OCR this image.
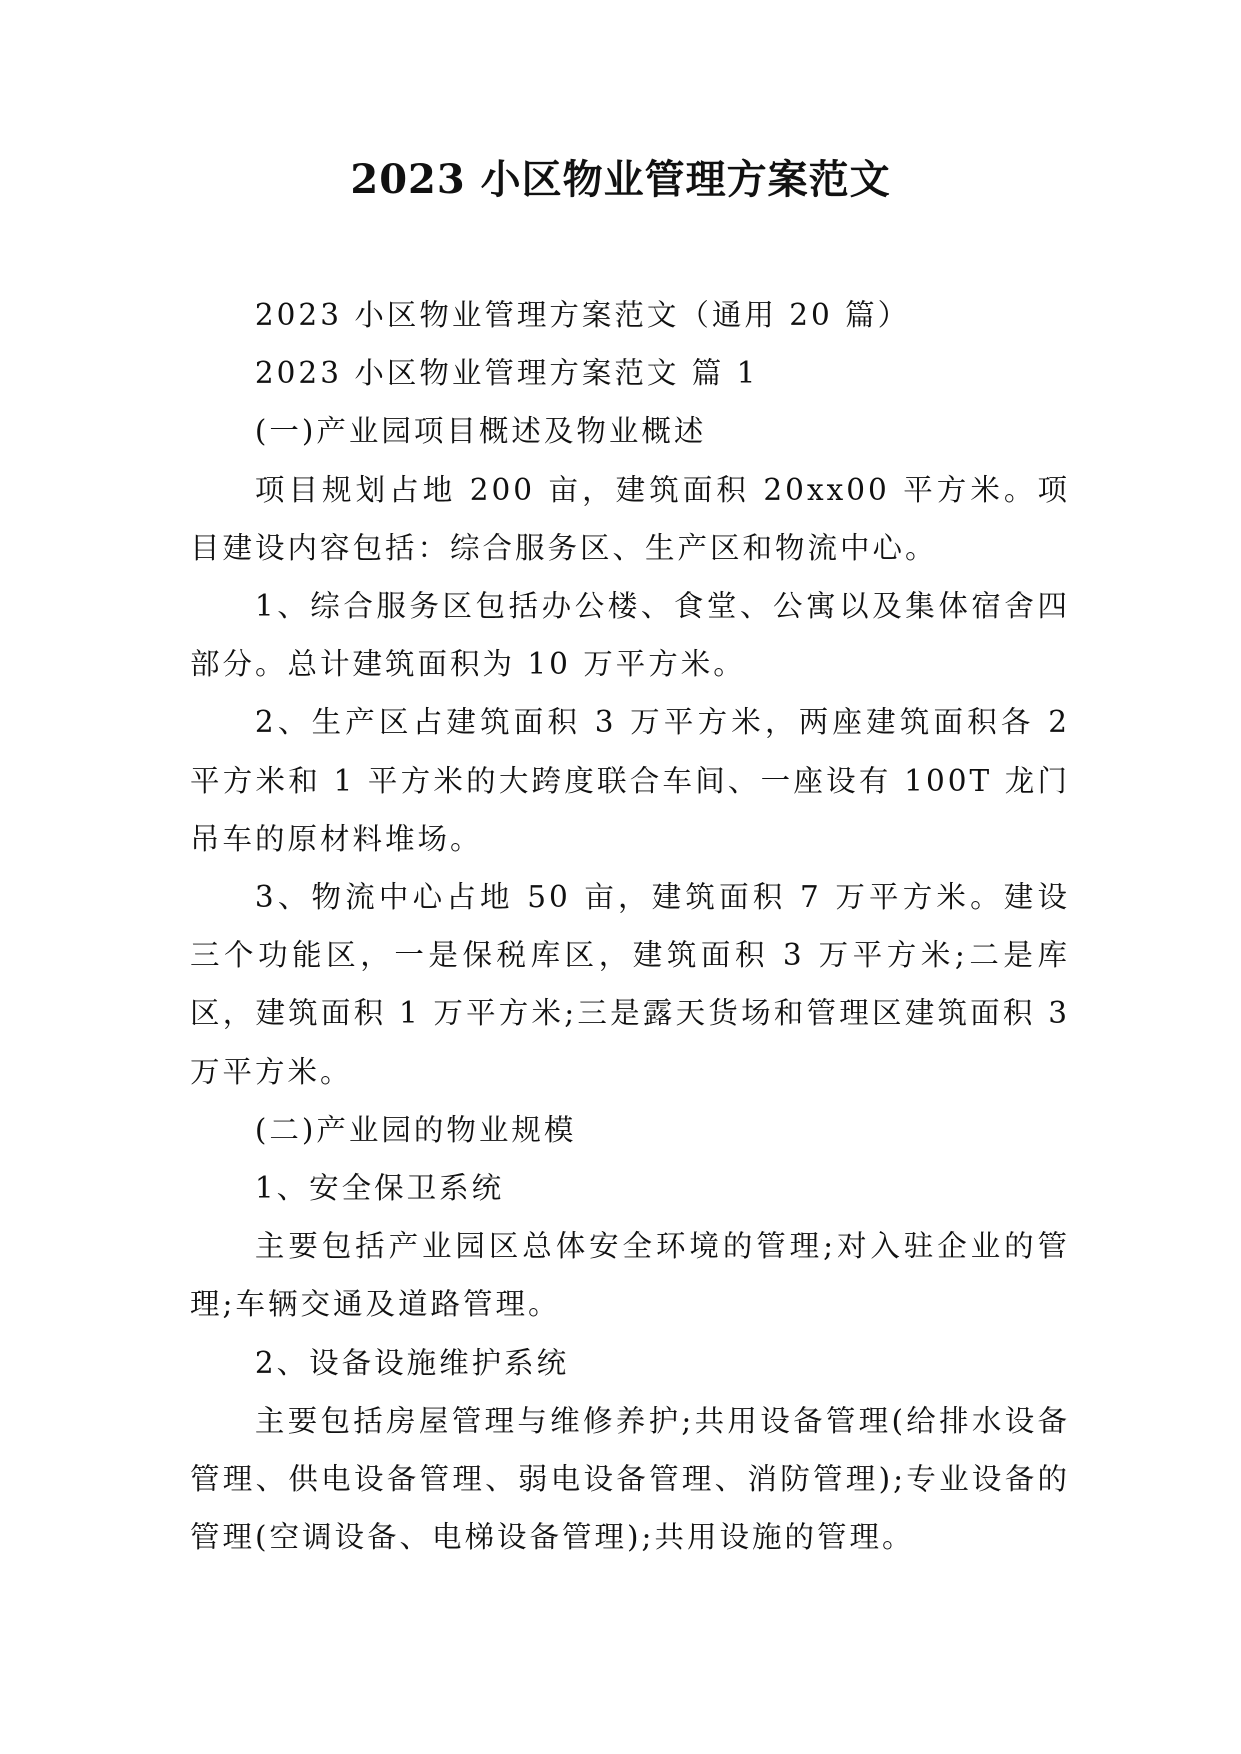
2023 小区物业管理方案范文

2023 小区物业管理方案范文（通用 20 篇）

2023 小区物业管理方案范文 篇 1

(一)产业园项目概述及物业概述

项目规划占地 200 亩，建筑面积 20xx00 平方米。项目建设内容包括：综合服务区、生产区和物流中心。

1、综合服务区包括办公楼、食堂、公寓以及集体宿舍四部分。总计建筑面积为 10 万平方米。

2、生产区占建筑面积 3 万平方米，两座建筑面积各 2 平方米和 1 平方米的大跨度联合车间、一座设有 100T 龙门吊车的原材料堆场。

3、物流中心占地 50 亩，建筑面积 7 万平方米。建设三个功能区，一是保税库区，建筑面积 3 万平方米;二是库区，建筑面积 1 万平方米;三是露天货场和管理区建筑面积 3 万平方米。

(二)产业园的物业规模

1、安全保卫系统

主要包括产业园区总体安全环境的管理;对入驻企业的管理;车辆交通及道路管理。

2、设备设施维护系统

主要包括房屋管理与维修养护;共用设备管理(给排水设备管理、供电设备管理、弱电设备管理、消防管理);专业设备的管理(空调设备、电梯设备管理);共用设施的管理。
